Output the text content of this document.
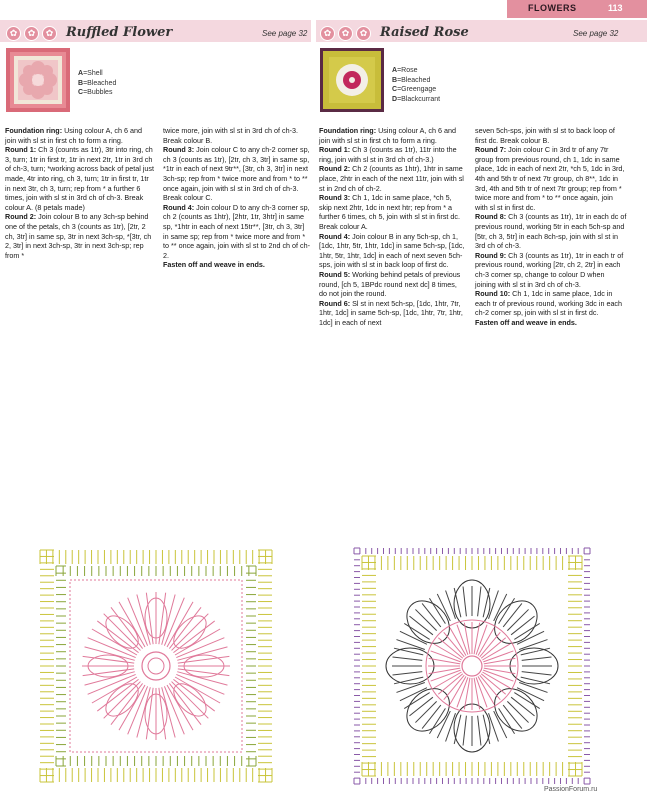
FLOWERS	113
✿ ✿ ✿ Ruffled Flower	See page 32	✿ ✿ ✿ Raised Rose	See page 32
A=Shell
B=Bleached
C=Bubbles
A=Rose
B=Bleached
C=Greengage
D=Blackcurrant

Foundation ring: Using colour A, ch 6 and join with sl st in first ch to form a ring.

Round 1: Ch 3 (counts as 1tr), 3tr into ring, ch 3, turn; 1tr in first tr, 1tr in next 2tr, 1tr in 3rd ch of ch-3, turn; *working across back of petal just made, 4tr into ring, ch 3, turn; 1tr in first tr, 1tr in next 3tr, ch 3, turn; rep from * a further 6 times, join with sl st in 3rd ch of ch-3. Break colour A. (8 petals made)

Round 2: Join colour B to any 3ch-sp behind one of the petals, ch 3 (counts as 1tr), [2tr, 2 ch, 3tr] in same sp, 3tr in next 3ch-sp, *[3tr, ch 2, 3tr] in next 3ch-sp, 3tr in next 3ch-sp; rep from *

twice more, join with sl st in 3rd ch of ch-3. Break colour B.

Round 3: Join colour C to any ch-2 corner sp, ch 3 (counts as 1tr), [2tr, ch 3, 3tr] in same sp, *1tr in each of next 9tr**, [3tr, ch 3, 3tr] in next 3ch-sp; rep from * twice more and from * to ** once again, join with sl st in 3rd ch of ch-3. Break colour C.

Round 4: Join colour D to any ch-3 corner sp, ch 2 (counts as 1htr), [2htr, 1tr, 3htr] in same sp, *1htr in each of next 15tr**, [3tr, ch 3, 3tr] in same sp; rep from * twice more and from * to ** once again, join with sl st to 2nd ch of ch-2.

Fasten off and weave in ends.

Foundation ring: Using colour A, ch 6 and join with sl st in first ch to form a ring.

Round 1: Ch 3 (counts as 1tr), 11tr into the ring, join with sl st in 3rd ch of ch-3.)

Round 2: Ch 2 (counts as 1htr), 1htr in same place, 2htr in each of the next 11tr, join with sl st in 2nd ch of ch-2.

Round 3: Ch 1, 1dc in same place, *ch 5, skip next 2htr, 1dc in next htr; rep from * a further 6 times, ch 5, join with sl st in first dc. Break colour A.

Round 4: Join colour B in any 5ch-sp, ch 1, [1dc, 1htr, 5tr, 1htr, 1dc] in same 5ch-sp, [1dc, 1htr, 5tr, 1htr, 1dc] in each of next seven 5ch-sps, join with sl st in back loop of first dc.

Round 5: Working behind petals of previous round, [ch 5, 1BPdc round next dc] 8 times, do not join the round.

Round 6: Sl st in next 5ch-sp, [1dc, 1htr, 7tr, 1htr, 1dc] in same 5ch-sp, [1dc, 1htr, 7tr, 1htr, 1dc] in each of next

seven 5ch-sps, join with sl st to back loop of first dc. Break colour B.

Round 7: Join colour C in 3rd tr of any 7tr group from previous round, ch 1, 1dc in same place, 1dc in each of next 2tr, *ch 5, 1dc in 3rd, 4th and 5th tr of next 7tr group, ch 8**, 1dc in 3rd, 4th and 5th tr of next 7tr group; rep from * twice more and from * to ** once again, join with sl st in first dc.

Round 8: Ch 3 (counts as 1tr), 1tr in each dc of previous round, working 5tr in each 5ch-sp and [5tr, ch 3, 5tr] in each 8ch-sp, join with sl st in 3rd ch of ch-3.

Round 9: Ch 3 (counts as 1tr), 1tr in each tr of previous round, working [2tr, ch 2, 2tr] in each ch-3 corner sp, change to colour D when joining with sl st in 3rd ch of ch-3.

Round 10: Ch 1, 1dc in same place, 1dc in each tr of previous round, working 3dc in each ch-2 corner sp, join with sl st in first dc.

Fasten off and weave in ends.

PassionForum.ru
